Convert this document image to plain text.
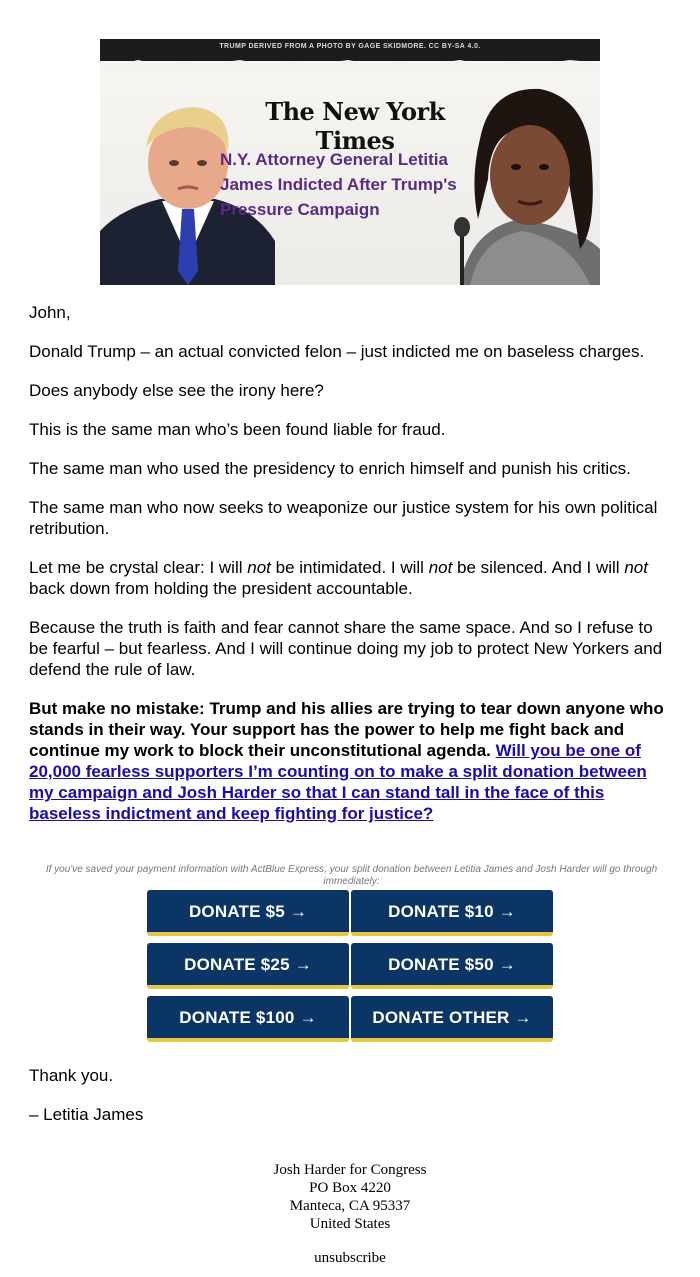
TRUMP DERIVED FROM A PHOTO BY GAGE SKIDMORE. CC BY-SA 4.0.
The New York Times
N.Y. Attorney General Letitia James Indicted After Trump's Pressure Campaign

John,

Donald Trump – an actual convicted felon – just indicted me on baseless charges.

Does anybody else see the irony here?

This is the same man who’s been found liable for fraud.

The same man who used the presidency to enrich himself and punish his critics.

The same man who now seeks to weaponize our justice system for his own political retribution.

Let me be crystal clear: I will not be intimidated. I will not be silenced. And I will not back down from holding the president accountable.

Because the truth is faith and fear cannot share the same space. And so I refuse to be fearful – but fearless. And I will continue doing my job to protect New Yorkers and defend the rule of law.

But make no mistake: Trump and his allies are trying to tear down anyone who stands in their way. Your support has the power to help me fight back and continue my work to block their unconstitutional agenda. Will you be one of 20,000 fearless supporters I’m counting on to make a split donation between my campaign and Josh Harder so that I can stand tall in the face of this baseless indictment and keep fighting for justice?

If you've saved your payment information with ActBlue Express, your split donation between Letitia James and Josh Harder will go through immediately:
DONATE $5 →	DONATE $10 →
DONATE $25 →	DONATE $50 →
DONATE $100 →	DONATE OTHER →
Thank you.
– Letitia James
Josh Harder for Congress
PO Box 4220
Manteca, CA 95337
United States
unsubscribe
